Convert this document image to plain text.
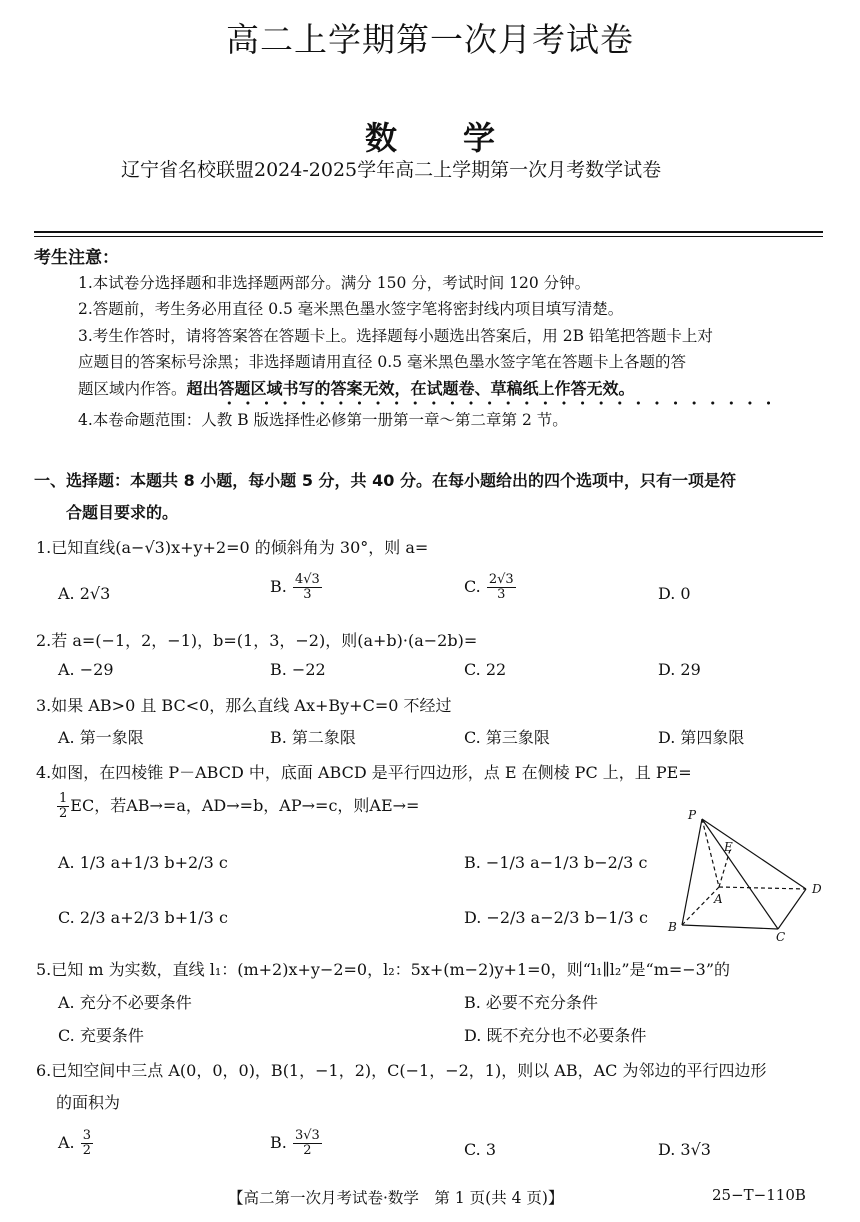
高二上学期第一次月考试卷
数 学
辽宁省名校联盟2024-2025学年高二上学期第一次月考数学试卷
考生注意：
1.本试卷分选择题和非选择题两部分。满分 150 分，考试时间 120 分钟。
2.答题前，考生务必用直径 0.5 毫米黑色墨水签字笔将密封线内项目填写清楚。
3.考生作答时，请将答案答在答题卡上。选择题每小题选出答案后，用 2B 铅笔把答题卡上对
应题目的答案标号涂黑；非选择题请用直径 0.5 毫米黑色墨水签字笔在答题卡上各题的答
题区域内作答。超出答题区域书写的答案无效，在试题卷、草稿纸上作答无效。
4.本卷命题范围：人教 B 版选择性必修第一册第一章～第二章第 2 节。
一、选择题：本题共 8 小题，每小题 5 分，共 40 分。在每小题给出的四个选项中，只有一项是符
合题目要求的。
1.已知直线(a−√3)x+y+2=0 的倾斜角为 30°，则 a=
A. 2√3	B. $\frac{4√3}{3}$	C. $\frac{2√3}{3}$	D. 0
2.若 a=(−1，2，−1)，b=(1，3，−2)，则(a+b)·(a−2b)=
A. −29	B. −22	C. 22	D. 29
3.如果 AB>0 且 BC<0，那么直线 Ax+By+C=0 不经过
A. 第一象限	B. 第二象限	C. 第三象限	D. 第四象限
4.如图，在四棱锥 P－ABCD 中，底面 ABCD 是平行四边形，点 E 在侧棱 PC 上，且 PE=
$\frac{1}{2}$ EC，若AB→=a，AD→=b，AP→=c，则AE→=
A. 1/3 a+1/3 b+2/3 c	B. −1/3 a−1/3 b−2/3 c
C. 2/3 a+2/3 b+1/3 c	D. −2/3 a−2/3 b−1/3 c
P
E
A
D
B
C
5.已知 m 为实数，直线 l₁：(m+2)x+y−2=0，l₂：5x+(m−2)y+1=0，则“l₁∥l₂”是“m=−3”的
A. 充分不必要条件	B. 必要不充分条件
C. 充要条件	D. 既不充分也不必要条件
6.已知空间中三点 A(0，0，0)，B(1，−1，2)，C(−1，−2，1)，则以 AB，AC 为邻边的平行四边形
的面积为
A. $\frac{3}{2}$	B. $\frac{3√3}{2}$	C. 3	D. 3√3
【高二第一次月考试卷·数学　第 1 页(共 4 页)】	25−T−110B
